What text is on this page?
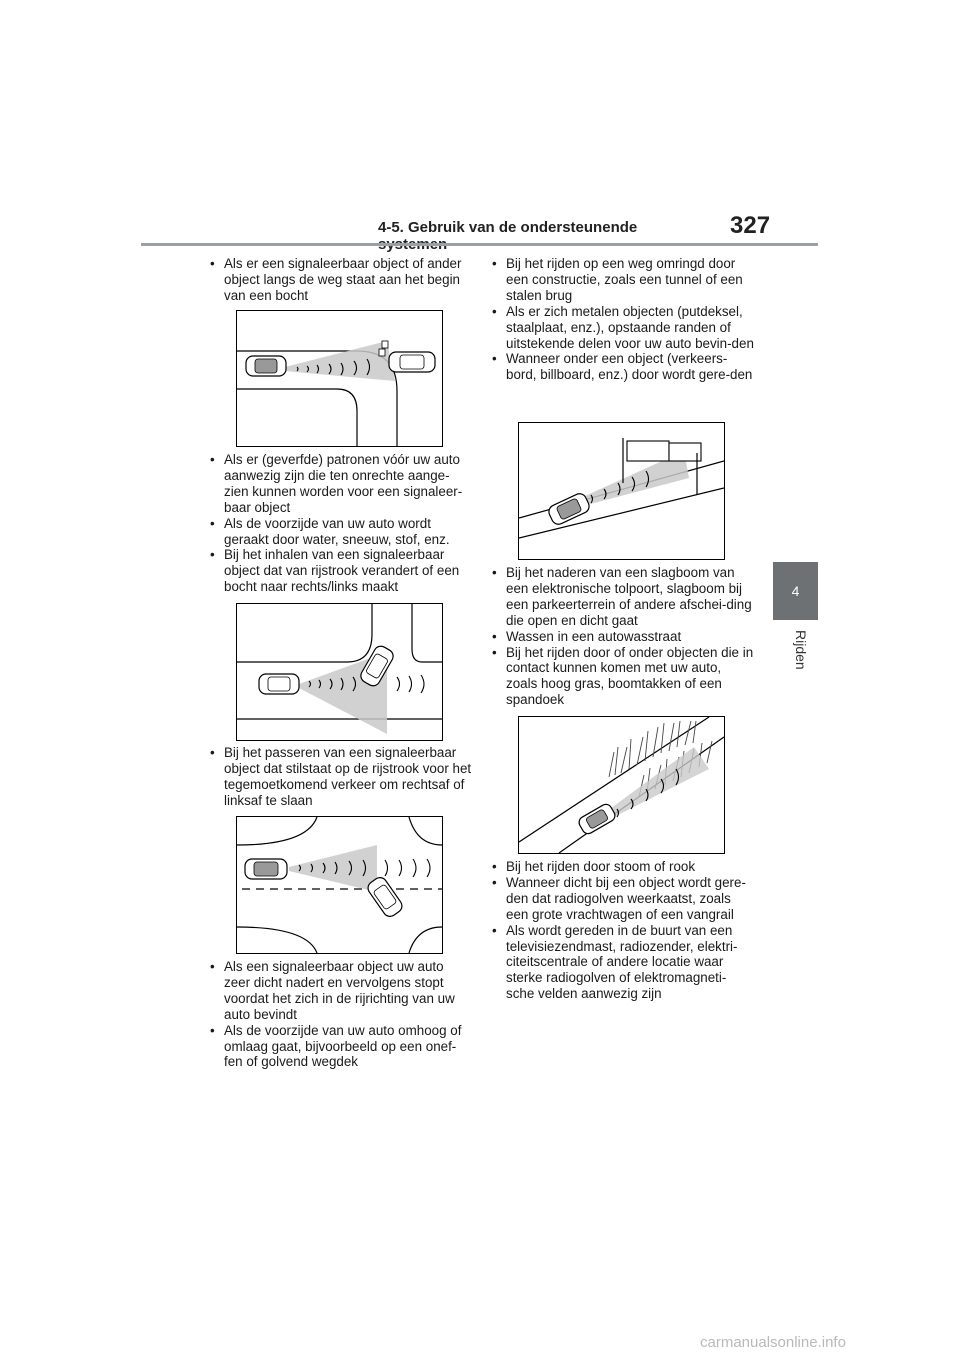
4-5. Gebruik van de ondersteunende	327
4
Rijden
• Als er een signaleerbaar object of ander object langs de weg staat aan het begin van een bocht
• Als er (geverfde) patronen vóór uw auto aanwezig zijn die ten onrechte aange-zien kunnen worden voor een signaleer-baar object
• Als de voorzijde van uw auto wordt geraakt door water, sneeuw, stof, enz.
• Bij het inhalen van een signaleerbaar object dat van rijstrook verandert of een bocht naar rechts/links maakt
• Bij het passeren van een signaleerbaar object dat stilstaat op de rijstrook voor het tegemoetkomend verkeer om rechtsaf of linksaf te slaan
• Als een signaleerbaar object uw auto zeer dicht nadert en vervolgens stopt voordat het zich in de rijrichting van uw auto bevindt
• Als de voorzijde van uw auto omhoog of omlaag gaat, bijvoorbeeld op een onef-fen of golvend wegdek
• Bij het rijden op een weg omringd door een constructie, zoals een tunnel of een stalen brug
• Als er zich metalen objecten (putdeksel, staalplaat, enz.), opstaande randen of uitstekende delen voor uw auto bevin-den
• Wanneer onder een object (verkeers-bord, billboard, enz.) door wordt gere-den
• Bij het naderen van een slagboom van een elektronische tolpoort, slagboom bij een parkeerterrein of andere afschei-ding die open en dicht gaat
• Wassen in een autowasstraat
• Bij het rijden door of onder objecten die in contact kunnen komen met uw auto, zoals hoog gras, boomtakken of een spandoek
• Bij het rijden door stoom of rook
• Wanneer dicht bij een object wordt gere-den dat radiogolven weerkaatst, zoals een grote vrachtwagen of een vangrail
• Als wordt gereden in de buurt van een televisiezendmast, radiozender, elektri-citeitscentrale of andere locatie waar sterke radiogolven of elektromagneti-sche velden aanwezig zijn
carmanualsonline.info
